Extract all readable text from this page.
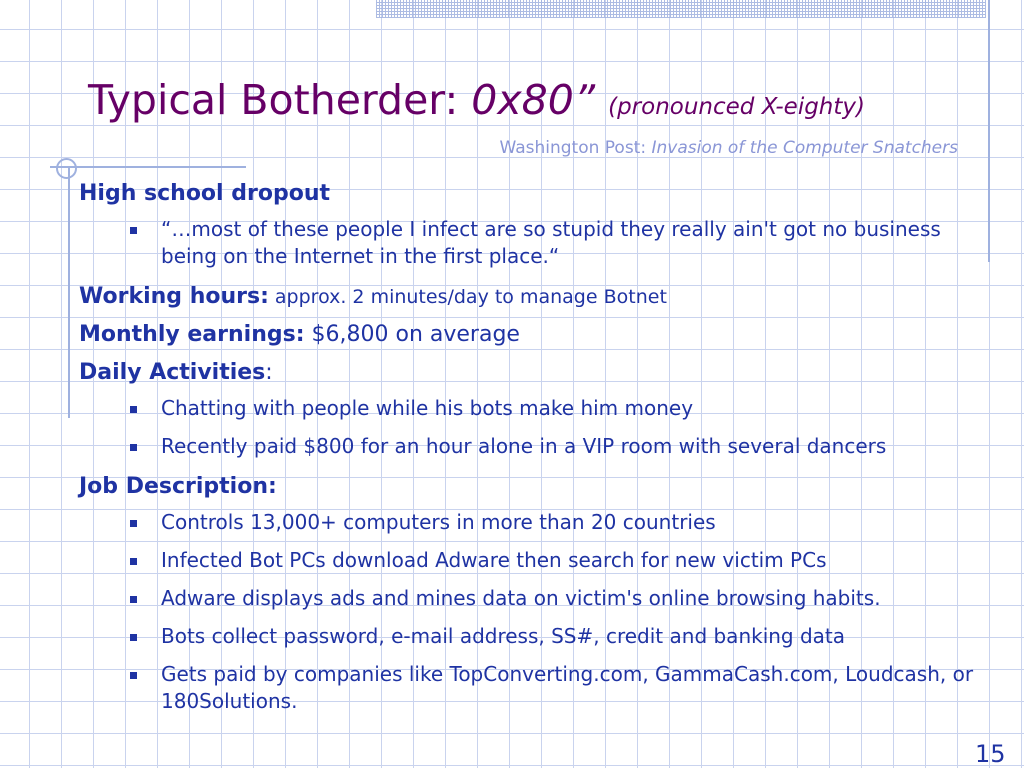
Typical Botherder: 0x80” (pronounced X-eighty)
Washington Post: Invasion of the Computer Snatchers
High school dropout
“…most of these people I infect are so stupid they really ain't got no business being on the Internet in the first place.“
Working hours: approx. 2 minutes/day to manage Botnet
Monthly earnings: $6,800 on average
Daily Activities:
Chatting with people while his bots make him money
Recently paid $800 for an hour alone in a VIP room with several dancers
Job Description:
Controls 13,000+ computers in more than 20 countries
Infected Bot PCs download Adware then search for new victim PCs
Adware displays ads and mines data on victim's online browsing habits.
Bots collect password, e-mail address, SS#, credit and banking data
Gets paid by companies like TopConverting.com, GammaCash.com, Loudcash, or 180Solutions.
15
